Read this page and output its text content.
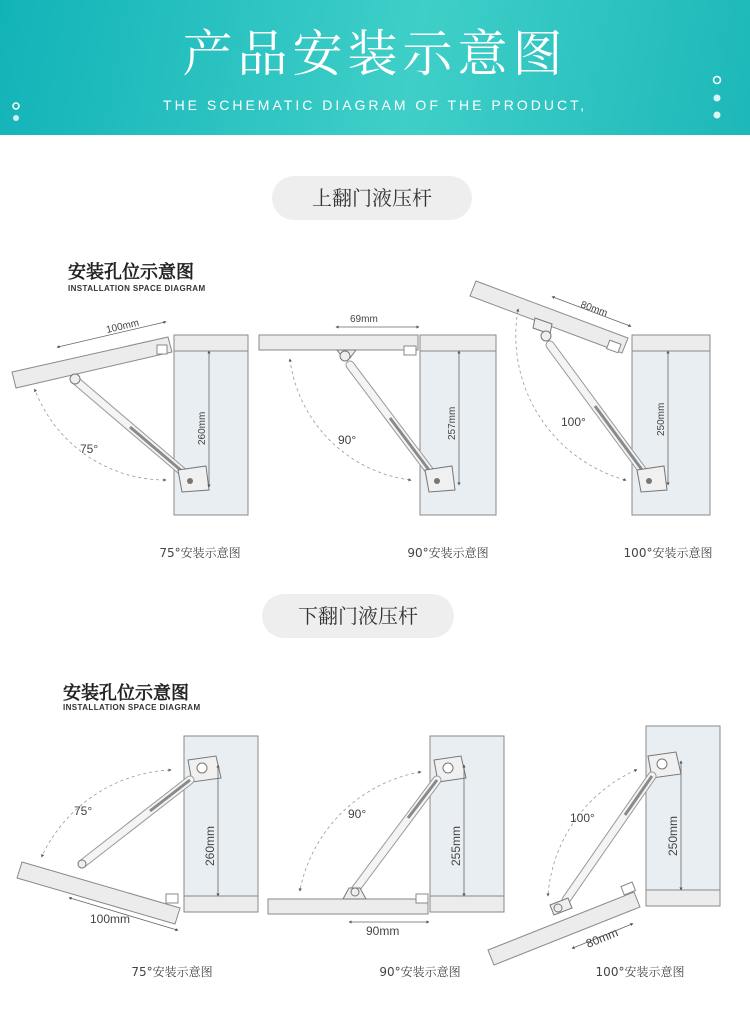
产品安装示意图
THE SCHEMATIC DIAGRAM OF THE PRODUCT,
上翻门液压杆
安装孔位示意图
INSTALLATION SPACE DIAGRAM
下翻门液压杆
安装孔位示意图
INSTALLATION SPACE DIAGRAM
100mm
75°
260mm
69mm
90°	257mm
80mm
100°	250mm
100mm
75°
260mm
90mm
90°
255mm
80mm
100°	250mm
75°安装示意图	90°安装示意图	100°安装示意图
75°安装示意图	90°安装示意图	100°安装示意图
